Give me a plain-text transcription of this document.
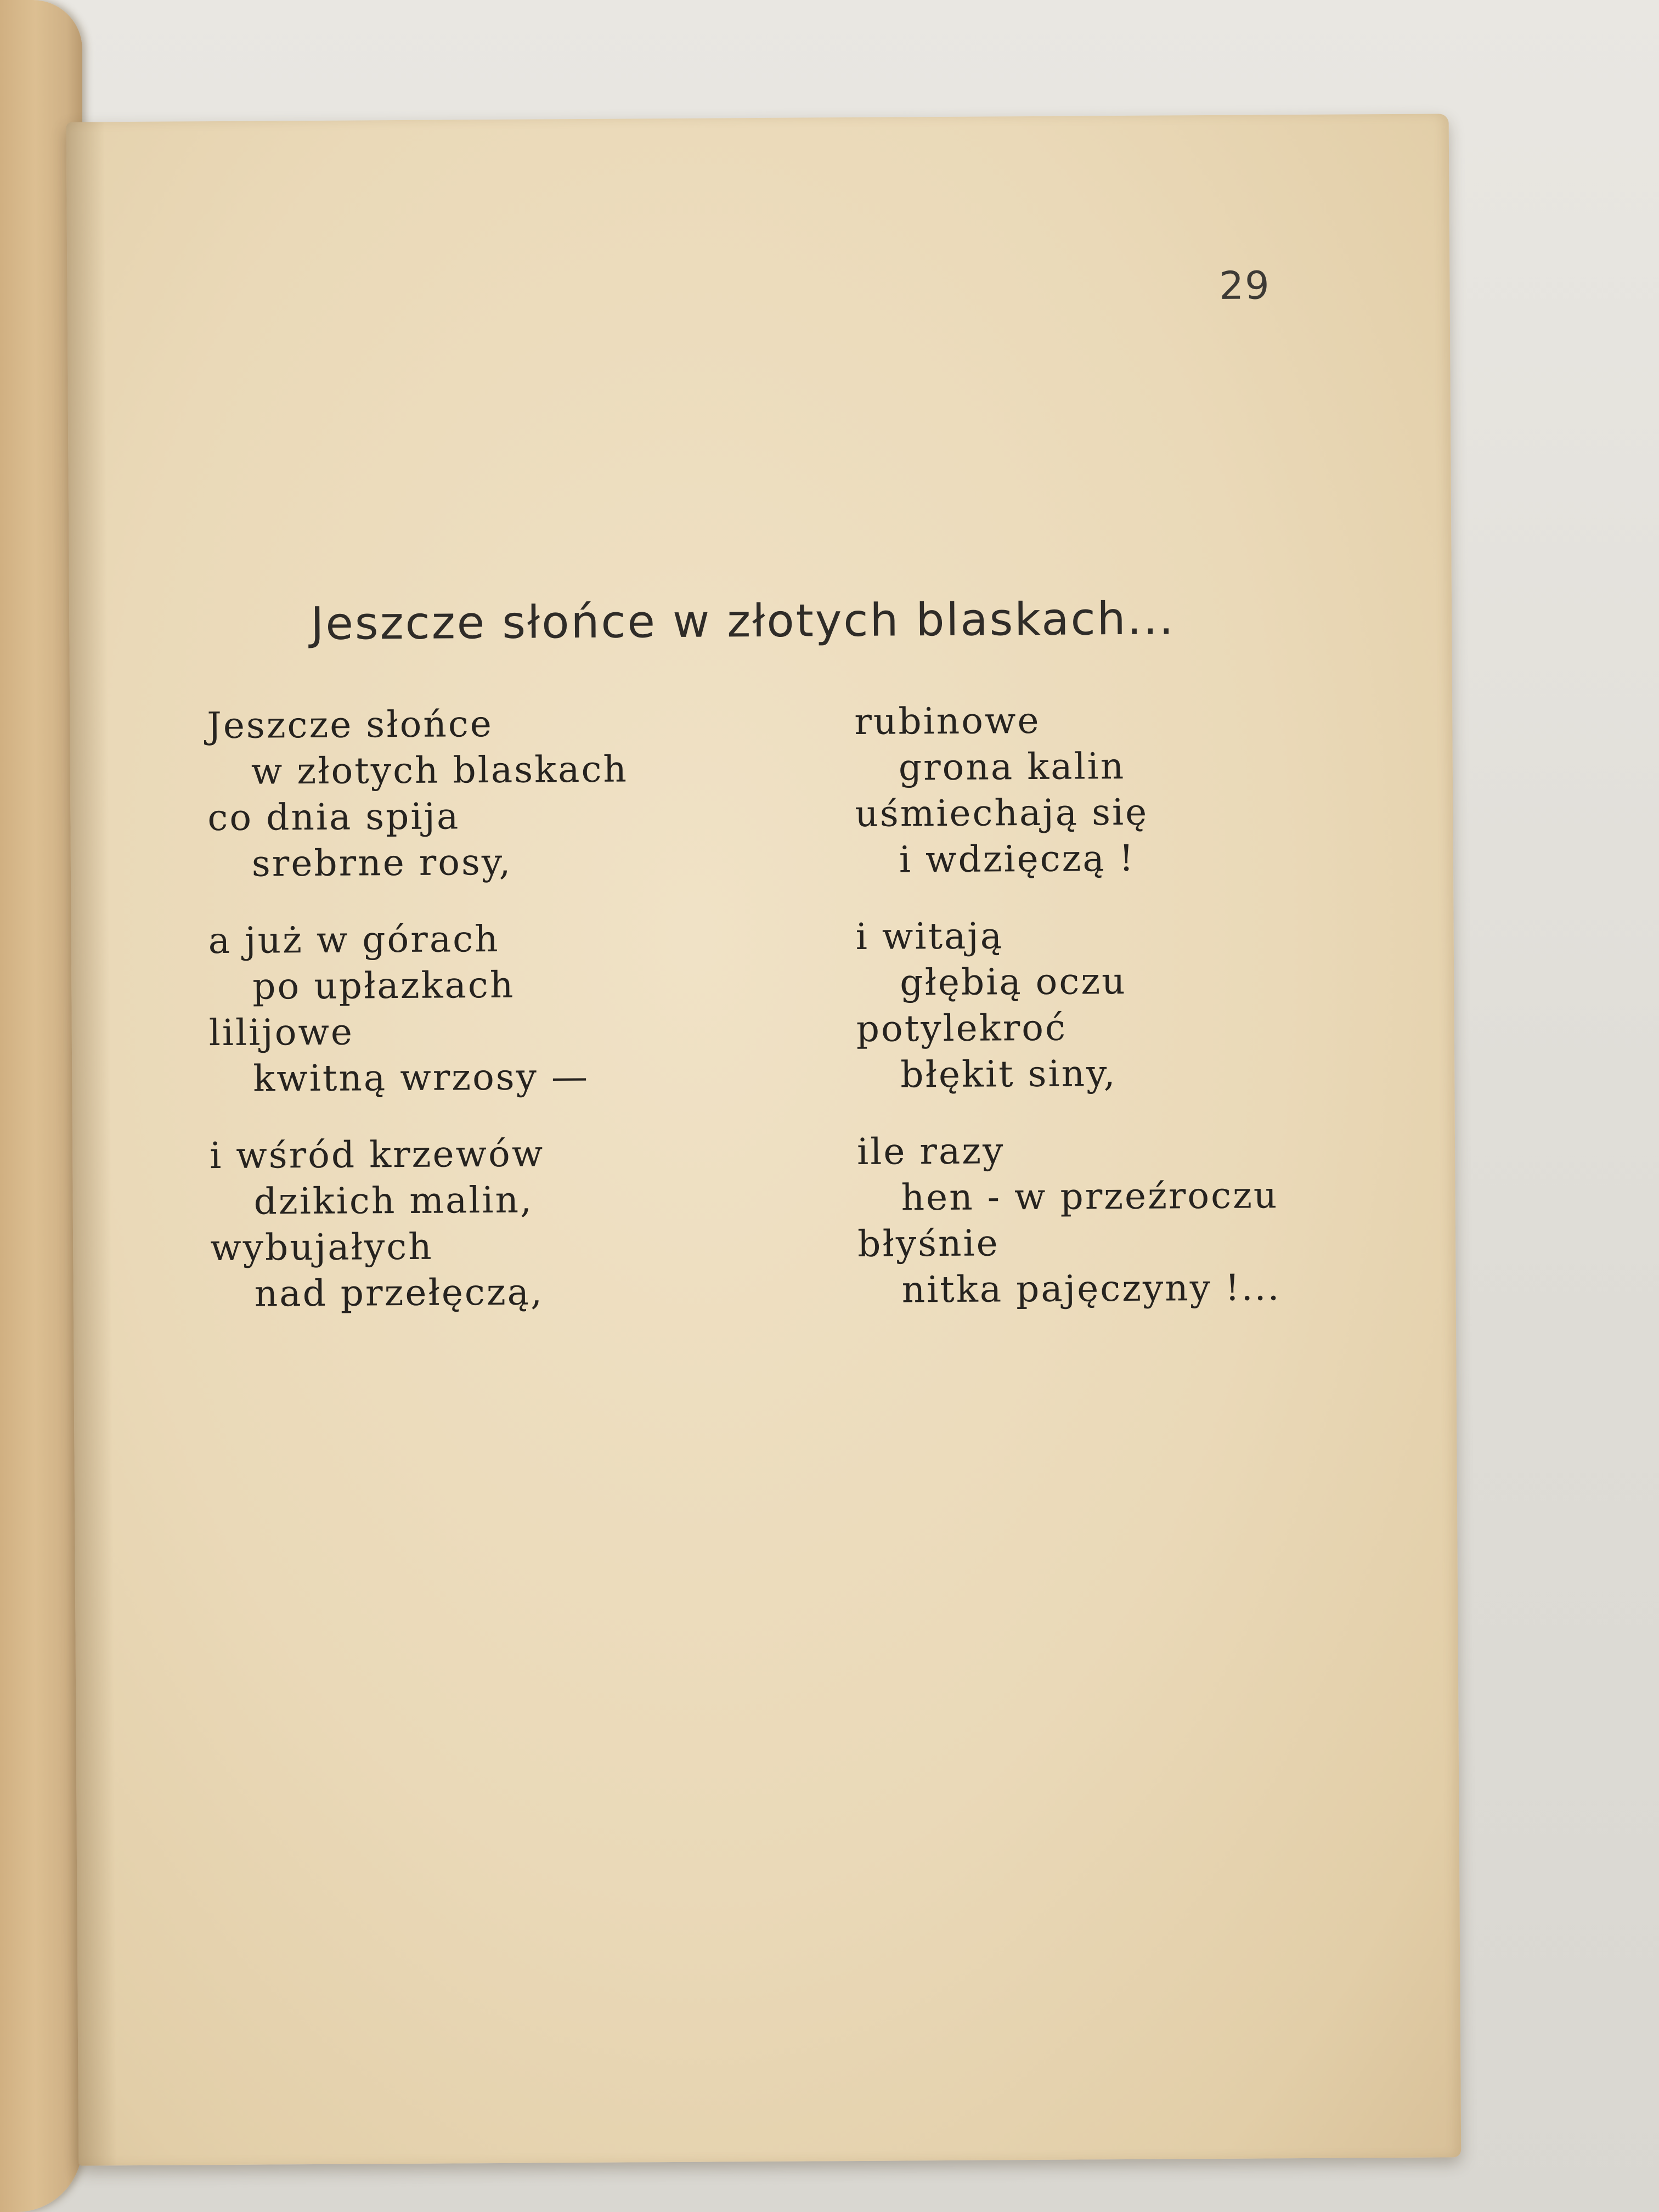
29
Jeszcze słońce w złotych blaskach...
Jeszcze słońce
w złotych blaskach
co dnia spija
srebrne rosy,
a już w górach
po upłazkach
lilijowe
kwitną wrzosy —
i wśród krzewów
dzikich malin,
wybujałych
nad przełęczą,
rubinowe
grona kalin
uśmiechają się
i wdzięczą !
i witają
głębią oczu
potylekroć
błękit siny,
ile razy
hen - w przeźroczu
błyśnie
nitka pajęczyny !...
